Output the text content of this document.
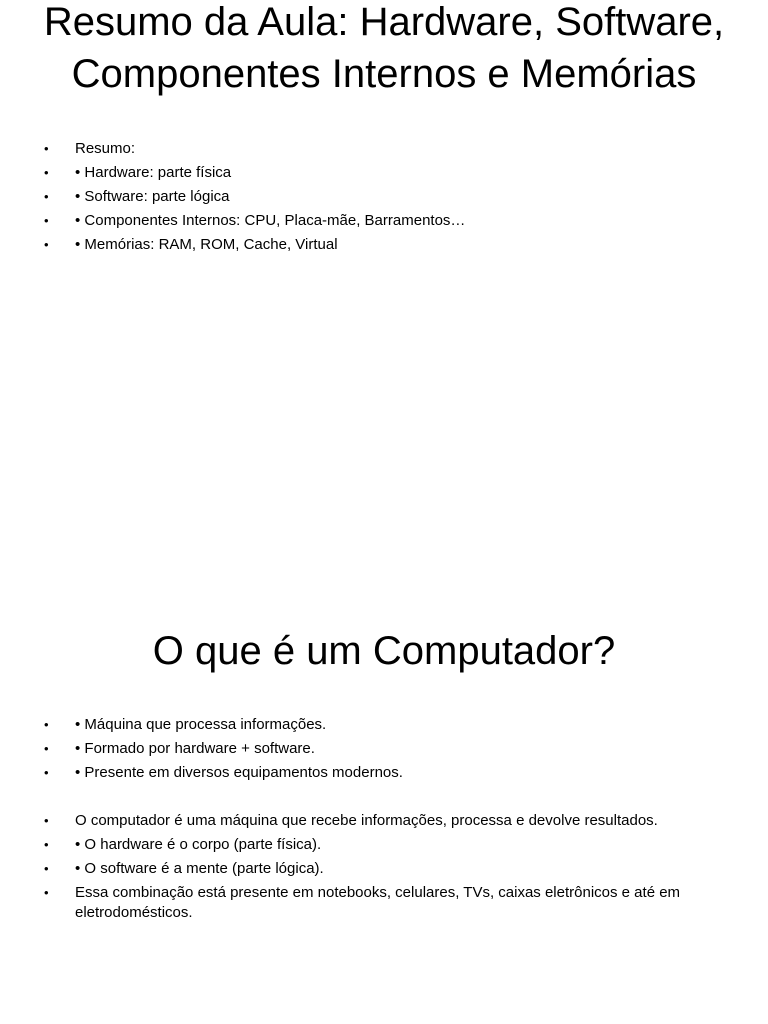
Resumo da Aula: Hardware, Software, Componentes Internos e Memórias
• Resumo:
• • Hardware: parte física
• • Software: parte lógica
• • Componentes Internos: CPU, Placa-mãe, Barramentos…
• • Memórias: RAM, ROM, Cache, Virtual
O que é um Computador?
• • Máquina que processa informações.
• • Formado por hardware + software.
• • Presente em diversos equipamentos modernos.
• O computador é uma máquina que recebe informações, processa e devolve resultados.
• • O hardware é o corpo (parte física).
• • O software é a mente (parte lógica).
• Essa combinação está presente em notebooks, celulares, TVs, caixas eletrônicos e até em eletrodomésticos.
